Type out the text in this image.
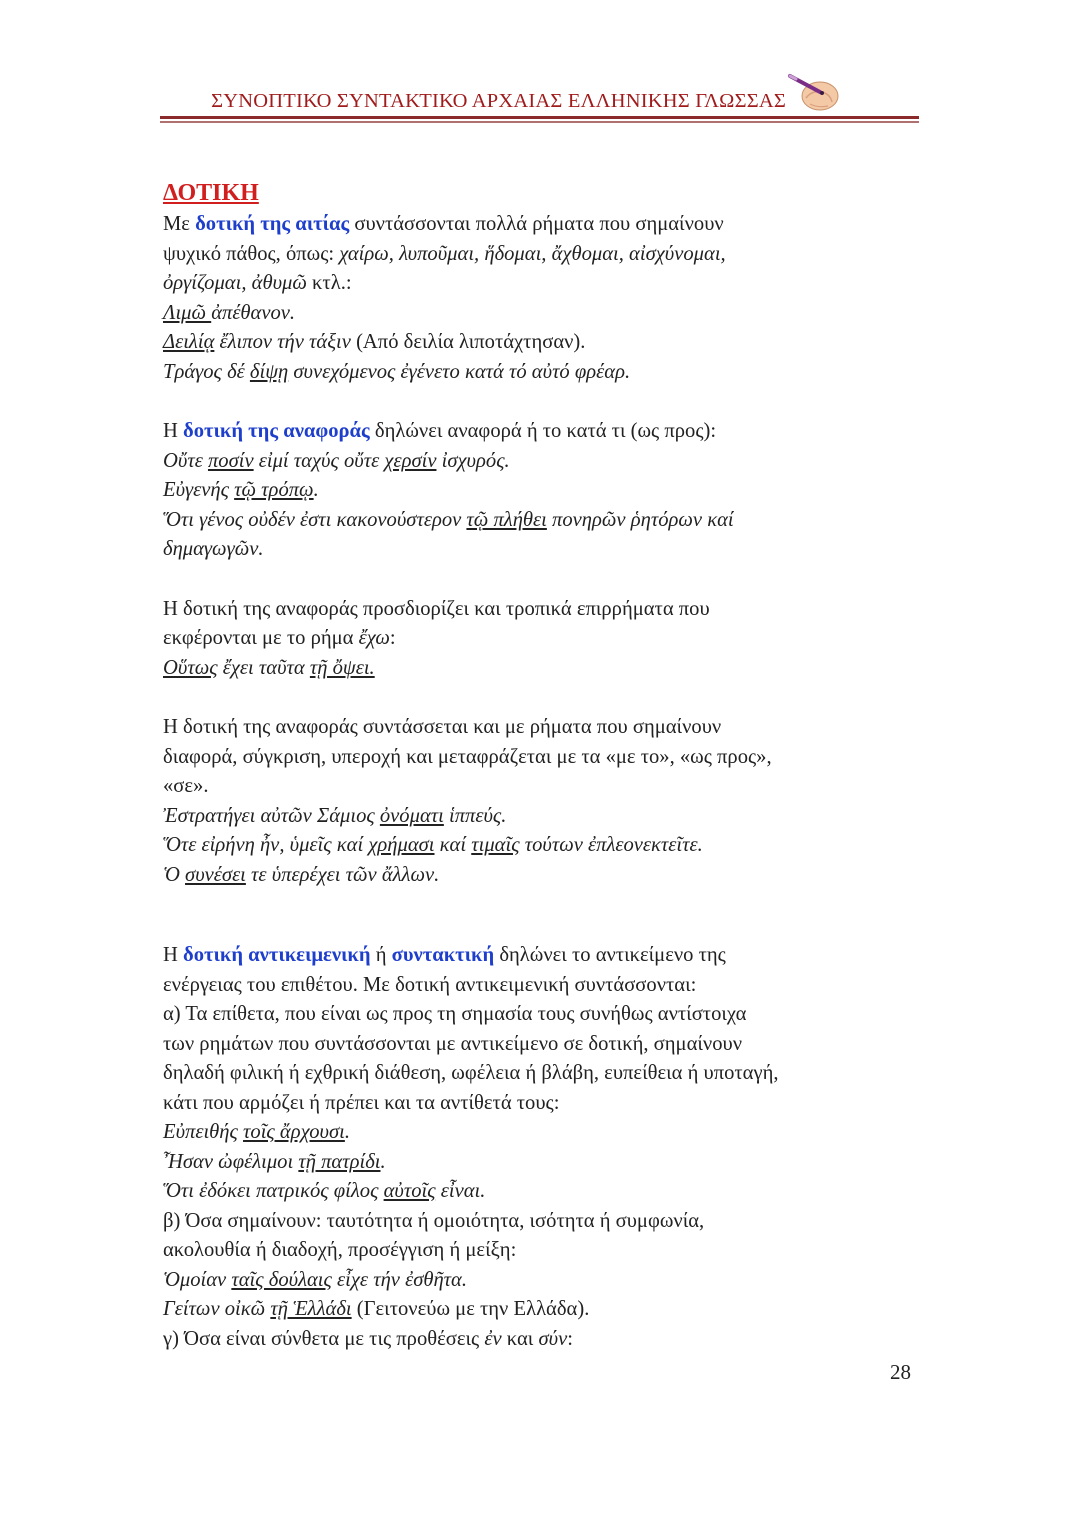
ΣΥΝΟΠΤΙΚΟ ΣΥΝΤΑΚΤΙΚΟ ΑΡΧΑΙΑΣ ΕΛΛΗΝΙΚΗΣ ΓΛΩΣΣΑΣ
ΔΟΤΙΚΗ

Με δοτική της αιτίας συντάσσονται πολλά ρήματα που σημαίνουν

ψυχικό πάθος, όπως: χαίρω, λυποῦμαι, ἥδομαι, ἄχθομαι, αἰσχύνομαι,

ὀργίζομαι, ἀθυμῶ κτλ.:

Λιμῶ ἀπέθανον.

Δειλίᾳ ἔλιπον τήν τάξιν (Από δειλία λιποτάχτησαν).

Τράγος δέ δίψῃ συνεχόμενος ἐγένετο κατά τό αὐτό φρέαρ.

Η δοτική της αναφοράς δηλώνει αναφορά ή το κατά τι (ως προς):

Οὔτε ποσίν εἰμί ταχύς οὔτε χερσίν ἰσχυρός.

Εὐγενής τῷ τρόπῳ.

Ὅτι γένος οὐδέν ἐστι κακονούστερον τῷ πλήθει πονηρῶν ῥητόρων καί

δημαγωγῶν.

Η δοτική της αναφοράς προσδιορίζει και τροπικά επιρρήματα που

εκφέρονται με το ρήμα ἔχω:

Οὕτως ἔχει ταῦτα τῇ ὄψει.

Η δοτική της αναφοράς συντάσσεται και με ρήματα που σημαίνουν

διαφορά, σύγκριση, υπεροχή και μεταφράζεται με τα «με το», «ως προς»,

«σε».

Ἐστρατήγει αὐτῶν Σάμιος ὀνόματι ἱππεύς.

Ὅτε εἰρήνη ἦν, ὑμεῖς καί χρήμασι καί τιμαῖς τούτων ἐπλεονεκτεῖτε.

Ὁ συνέσει τε ὑπερέχει τῶν ἄλλων.

Η δοτική αντικειμενική ή συντακτική δηλώνει το αντικείμενο της

ενέργειας του επιθέτου. Με δοτική αντικειμενική συντάσσονται:

α) Τα επίθετα, που είναι ως προς τη σημασία τους συνήθως αντίστοιχα

των ρημάτων που συντάσσονται με αντικείμενο σε δοτική, σημαίνουν

δηλαδή φιλική ή εχθρική διάθεση, ωφέλεια ή βλάβη, ευπείθεια ή υποταγή,

κάτι που αρμόζει ή πρέπει και τα αντίθετά τους:

Εὐπειθής τοῖς ἄρχουσι.

Ἦσαν ὠφέλιμοι τῇ πατρίδι.

Ὅτι ἐδόκει πατρικός φίλος αὐτοῖς εἶναι.

β) Όσα σημαίνουν: ταυτότητα ή ομοιότητα, ισότητα ή συμφωνία,

ακολουθία ή διαδοχή, προσέγγιση ή μείξη:

Ὁμοίαν ταῖς δούλαις εἶχε τήν ἐσθῆτα.

Γείτων οἰκῶ τῇ Ἑλλάδι (Γειτονεύω με την Ελλάδα).

γ) Όσα είναι σύνθετα με τις προθέσεις ἐν και σύν:

28
